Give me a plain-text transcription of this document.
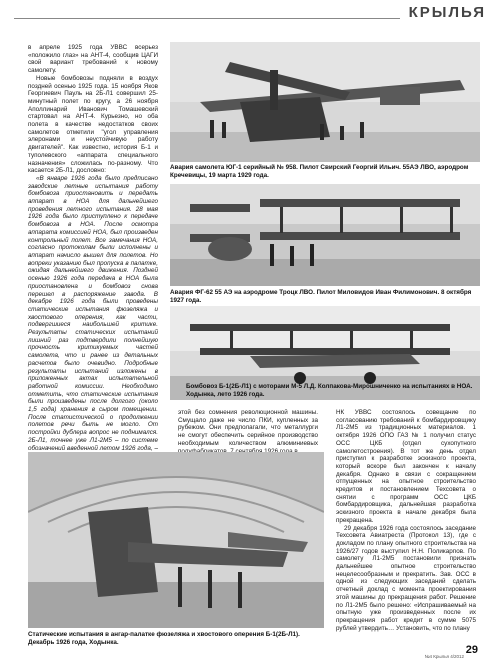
КРЫЛЬЯ

в апреле 1925 года УВВС всерьез «положило глаз» на АНТ-4, сообщив ЦАГИ свой вариант требований к новому самолету.

Новые бомбовозы подняли в воздух поздней осенью 1925 года. 15 ноября Яков Георгиевич Пауль на 2Б-Л1 совершил 25-минутный полет по кругу, а 26 ноября Аполлинарий Иванович Томашевский стартовал на АНТ-4. Курьезно, но оба полета в качестве недостатков своих самолетов отметили "угол управления элеронами и неустойчивую работу двигателей". Как известно, история Б-1 и туполевского «аппарата специального назначения» сложилась по-разному. Что касается 2Б-Л1, дословно:

«В январе 1926 года было предписано заводские летные испытания работу бомбовоза приостановить и передать аппарат в НОА для дальнейшего проведения летного испытания. 28 мая 1926 года было приступлено к передаче бомбовоза в НОА. После осмотра аппарата комиссией НОА, был произведен контрольный полет. Все замечания НОА, согласно протоколам были исполнены и аппарат начисло вышел для полетов. Но вопреки указанию был пропуска в палатке, ожидая дальнейшего движения. Поздней осенью 1926 года передача в НОА была приостановлена и бомбовоз снова перешел в распоряжение завода. В декабре 1926 года были проведены статические испытания фюзеляжа и хвостового оперения, как части, подвергшиеся наибольшей критике. Результаты статических испытаний лишний раз подтвердили полнейшую прочность критикуемых частей самолета, что и ранее из детальных расчетов было очевидно. Подробные результаты испытаний изложены в приложенных актах испытательной работной комиссии. Необходимо отметить, что статические испытания были произведены после долгого (около 1,5 года) хранения в сыром помещении. После статистической о продолжении полетов речи быть не могло. От постройки дублера вопрос не поднимался. 2Б-Л1, точнее уже Л1-2М5 – по системе обозначений введенной летом 1926 года, –

Авария самолета ЮГ-1 серийный № 958. Пилот Свирский Георгий Ильич. 55АЭ ЛВО, аэродром Кречевицы, 19 марта 1929 года.
Авария ФГ-62 55 АЭ на аэродроме Троцк ЛВО. Пилот Миловидов Иван Филимонович. 8 октября 1927 года.
Бомбовоз Б-1(2Б-Л1) с моторами М-5 Л.Д. Колпакова-Мирошниченко на испытаниях в НОА. Ходынка, лето 1926 года.

этой без сомнения революционной машины. Смущало даже не число ПКИ, купленных за рубежом. Они предполагали, что металлурги не смогут обеспечить серийное производство необходимым количеством алюминиевых

НК УВВС состоялось совещание по согласованию требований к бомбардировщику Л1-2М5 из традиционных материалов. 1 октября 1926 ОПО ГАЗ № 1 получил статус ОСС ЦКБ (отдел сухопутного самолетостроения). В тот же день отдел приступил к разработке эскизного проекта, который вскоре был закончен к началу декабря. Однако в связи с сокращением отпущенных на опытное строительство кредитов и постановлением Техсовета о снятии с программ ОСС ЦКБ бомбардировщика, дальнейшая разработка эскизного проекта в начале декабря была прекращена.

29 декабря 1926 года состоялось заседание Техсовета Авиатреста (Протокол 13), где с докладом по плану опытного строительства на 1926/27 годов выступил Н.Н. Поликарпов. По самолету Л1-2М5 постановили признать дальнейшее опытное строительство нецелесообразным и прекратить. Зав. ОСС в одной из следующих заседаний сделать отчетный доклад с момента проектирования этой машины до прекращения работ. Решение по Л1-2М5 было решено: «Испрашиваемый на опытную уже произведенных после их прекращения работ кредит в сумме 5075 рублей утвердить… Установить, что по плану

Статические испытания в ангар-палатке фюзеляжа и хвостового оперения Б-1(2Б-Л1). Декабрь 1926 года, Ходынка.
№4 Крылья 4/2012
29
